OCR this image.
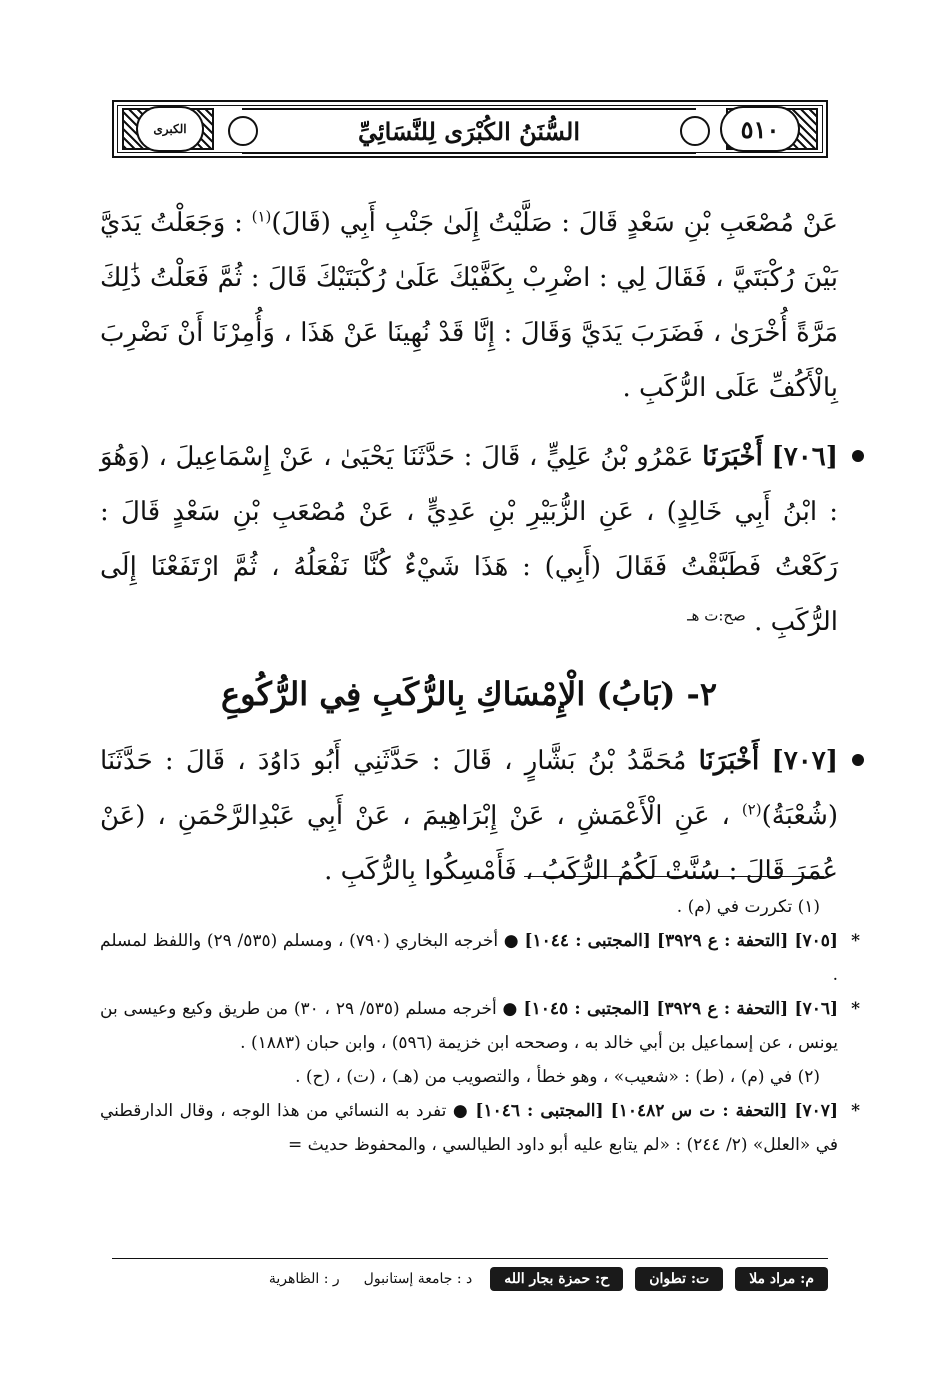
الكبرى	السُّنَنُ الكُبْرَى لِلنَّسَائِيِّ	٥١٠

عَنْ مُصْعَبِ بْنِ سَعْدٍ قَالَ : صَلَّيْتُ إِلَىٰ جَنْبِ أَبِي (قَالَ)$^{(١)}$ : وَجَعَلْتُ يَدَيَّ بَيْنَ رُكْبَتَيَّ ، فَقَالَ لِي : اضْرِبْ بِكَفَّيْكَ عَلَىٰ رُكْبَتَيْكَ قَالَ : ثُمَّ فَعَلْتُ ذَٰلِكَ مَرَّةً أُخْرَىٰ ، فَضَرَبَ يَدَيَّ وَقَالَ : إِنَّا قَدْ نُهِينَا عَنْ هَذَا ، وَأُمِرْنَا أَنْ نَضْرِبَ بِالْأَكُفِّ عَلَى الرُّكَبِ .

[٧٠٦] أَخْبَرَنَا عَمْرُو بْنُ عَلِيٍّ ، قَالَ : حَدَّثَنَا يَحْيَىٰ ، عَنْ إِسْمَاعِيلَ ، (وَهُوَ : ابْنُ أَبِي خَالِدٍ) ، عَنِ الزُّبَيْرِ بْنِ عَدِيٍّ ، عَنْ مُصْعَبِ بْنِ سَعْدٍ قَالَ : رَكَعْتُ فَطَبَّقْتُ فَقَالَ (أَبِي) : هَذَا شَيْءٌ كُنَّا نَفْعَلُهُ ، ثُمَّ ارْتَفَعْنَا إِلَى الرُّكَبِ . $^{صح:ت هـ}$

٢- (بَابُ) الْإِمْسَاكِ بِالرُّكَبِ فِي الرُّكُوعِ

[٧٠٧] أَخْبَرَنَا مُحَمَّدُ بْنُ بَشَّارٍ ، قَالَ : حَدَّثَنِي أَبُو دَاوُدَ ، قَالَ : حَدَّثَنَا (شُعْبَةُ)$^{(٢)}$ ، عَنِ الْأَعْمَشِ ، عَنْ إِبْرَاهِيمَ ، عَنْ أَبِي عَبْدِالرَّحْمَنِ ، (عَنْ عُمَرَ قَالَ : سُنَّتْ لَكُمُ الرُّكَبُ ، فَأَمْسِكُوا بِالرُّكَبِ .

(١) تكررت في (م) .

*
[٧٠٥] [التحفة : ع ٣٩٢٩] [المجتبى : ١٠٤٤] ● أخرجه البخاري (٧٩٠) ، ومسلم (٥٣٥/ ٢٩) واللفظ لمسلم .

*
[٧٠٦] [التحفة : ع ٣٩٢٩] [المجتبى : ١٠٤٥] ● أخرجه مسلم (٥٣٥/ ٢٩ ، ٣٠) من طريق وكيع وعيسى بن يونس ، عن إسماعيل بن أبي خالد به ، وصححه ابن خزيمة (٥٩٦) ، وابن حبان (١٨٨٣) .

(٢) في (م) ، (ط) : «شعيب» ، وهو خطأ ، والتصويب من (هـ) ، (ت) ، (ح) .

*
[٧٠٧] [التحفة : ت س ١٠٤٨٢] [المجتبى : ١٠٤٦] ● تفرد به النسائي من هذا الوجه ، وقال الدارقطني في «العلل» (٢/ ٢٤٤) : «لم يتابع عليه أبو داود الطيالسي ، والمحفوظ حديث =

م: مراد ملا
ت: تطوان
ح: حمزة بجار الله
د : جامعة إستانبول
ر : الظاهرية
